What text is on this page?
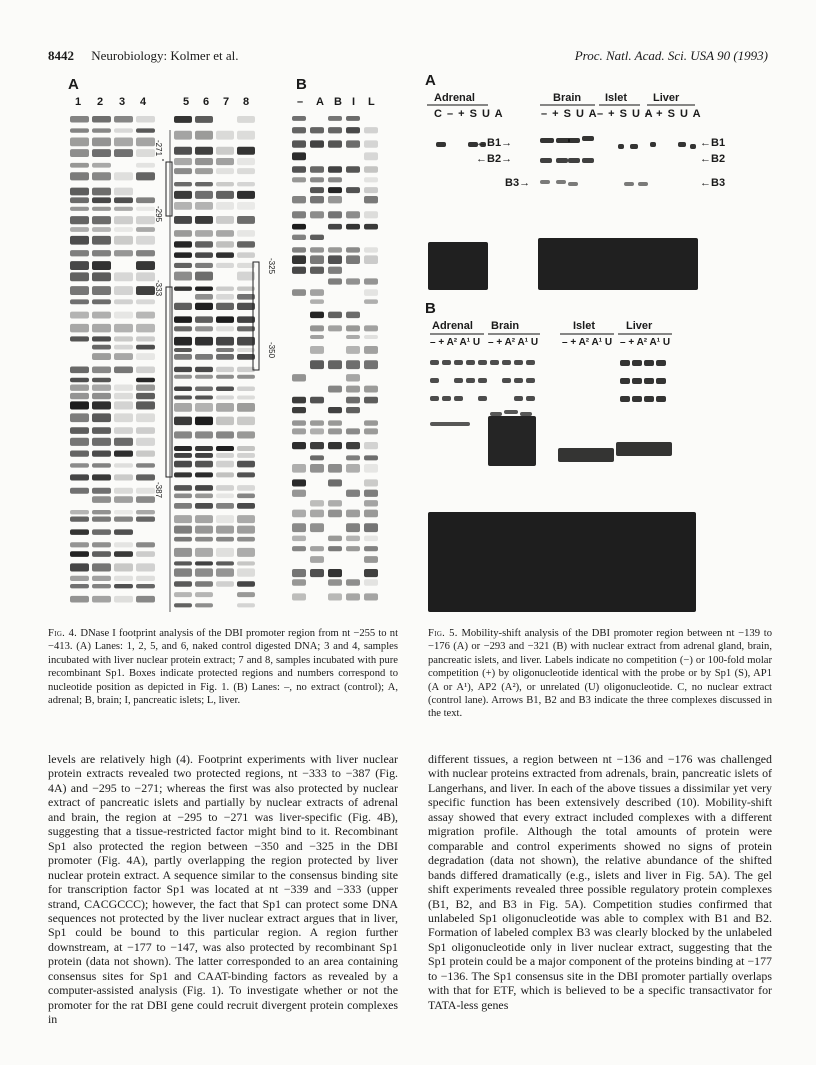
8442 Neurobiology: Kolmer et al.	Proc. Natl. Acad. Sci. USA 90 (1993)
A	B
1 2 3 4	5 6 7 8	– A B I L
-271
-295
-333
-387
-325
-350
Fig. 4. DNase I footprint analysis of the DBI promoter region from nt −255 to nt −413. (A) Lanes: 1, 2, 5, and 6, naked control digested DNA; 3 and 4, samples incubated with liver nuclear protein extract; 7 and 8, samples incubated with pure recombinant Sp1. Boxes indicate protected regions and numbers correspond to nucleotide position as depicted in Fig. 1. (B) Lanes: –, no extract (control); A, adrenal; B, brain; I, pancreatic islets; L, liver.
A
Adrenal	Brain Islet Liver
C – + S U A	– + S U A – + S U A
– + S U A
←B1→
←B2→
B3→
←B1
←B2
←B3
B
Adrenal Brain	Islet	Liver
– + A² A¹ U – + A² A¹ U – + A² A¹ U – + A² A¹ U
Fig. 5. Mobility-shift analysis of the DBI promoter region between nt −139 to −176 (A) or −293 and −321 (B) with nuclear extract from adrenal gland, brain, pancreatic islets, and liver. Labels indicate no competition (−) or 100-fold molar competition (+) by oligonucleotide identical with the probe or by Sp1 (S), AP1 (A or A¹), AP2 (A²), or unrelated (U) oligonucleotide. C, no nuclear extract (control lane). Arrows B1, B2 and B3 indicate the three complexes discussed in the text.

levels are relatively high (4). Footprint experiments with liver nuclear protein extracts revealed two protected regions, nt −333 to −387 (Fig. 4A) and −295 to −271; whereas the first was also protected by nuclear extract of pancreatic islets and partially by nuclear extracts of adrenal and brain, the region at −295 to −271 was liver-specific (Fig. 4B), suggesting that a tissue-restricted factor might bind to it. Recombinant Sp1 also protected the region between −350 and −325 in the DBI promoter (Fig. 4A), partly overlapping the region protected by liver nuclear protein extract. A sequence similar to the consensus binding site for transcription factor Sp1 was located at nt −339 and −333 (upper strand, CACGCCC); however, the fact that Sp1 can protect some DNA sequences not protected by the liver nuclear extract argues that in liver, Sp1 could be bound to this particular region. A region further downstream, at −177 to −147, was also protected by recombinant Sp1 protein (data not shown). The latter corresponded to an area containing consensus sites for Sp1 and CAAT-binding factors as revealed by a computer-assisted analysis (Fig. 1). To investigate whether or not the promoter for the rat DBI gene could recruit divergent protein complexes in

different tissues, a region between nt −136 and −176 was challenged with nuclear proteins extracted from adrenals, brain, pancreatic islets of Langerhans, and liver. In each of the above tissues a dissimilar yet very specific function has been extensively described (10). Mobility-shift assay showed that every extract included complexes with a different migration profile. Although the total amounts of protein were comparable and control experiments showed no signs of protein degradation (data not shown), the relative abundance of the shifted bands differed dramatically (e.g., islets and liver in Fig. 5A). The gel shift experiments revealed three possible regulatory protein complexes (B1, B2, and B3 in Fig. 5A). Competition studies confirmed that unlabeled Sp1 oligonucleotide was able to complex with B1 and B2. Formation of labeled complex B3 was clearly blocked by the unlabeled Sp1 oligonucleotide only in liver nuclear extract, suggesting that the Sp1 protein could be a major component of the proteins binding at −177 to −136. The Sp1 consensus site in the DBI promoter partially overlaps with that for ETF, which is believed to be a specific transactivator for TATA-less genes
